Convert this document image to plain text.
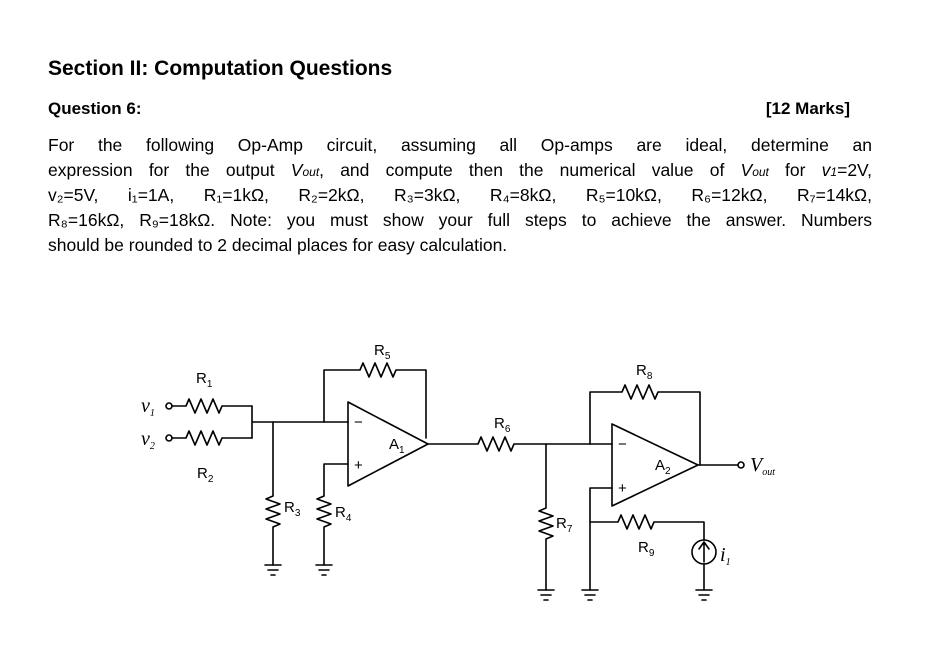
Section II: Computation Questions
Question 6:	[12 Marks]
For the following Op-Amp circuit, assuming all Op-amps are ideal, determine an
expression for the output Vout, and compute then the numerical value of Vout for v1=2V,
v₂=5V, i₁=1A, R₁=1kΩ, R₂=2kΩ, R₃=3kΩ, R₄=8kΩ, R₅=10kΩ, R₆=12kΩ, R₇=14kΩ,
R₈=16kΩ, R₉=18kΩ. Note: you must show your full steps to achieve the answer. Numbers
should be rounded to 2 decimal places for easy calculation.
$v_1$
$v_2$
$R_1$
$R_2$
$R_3$ $R_4$
$R_5$
$R_6$
$R_7$
$R_8$
$R_9$
$A_1$
$A_2$
−
+
−
+
$V_{out}$
$i_1$
